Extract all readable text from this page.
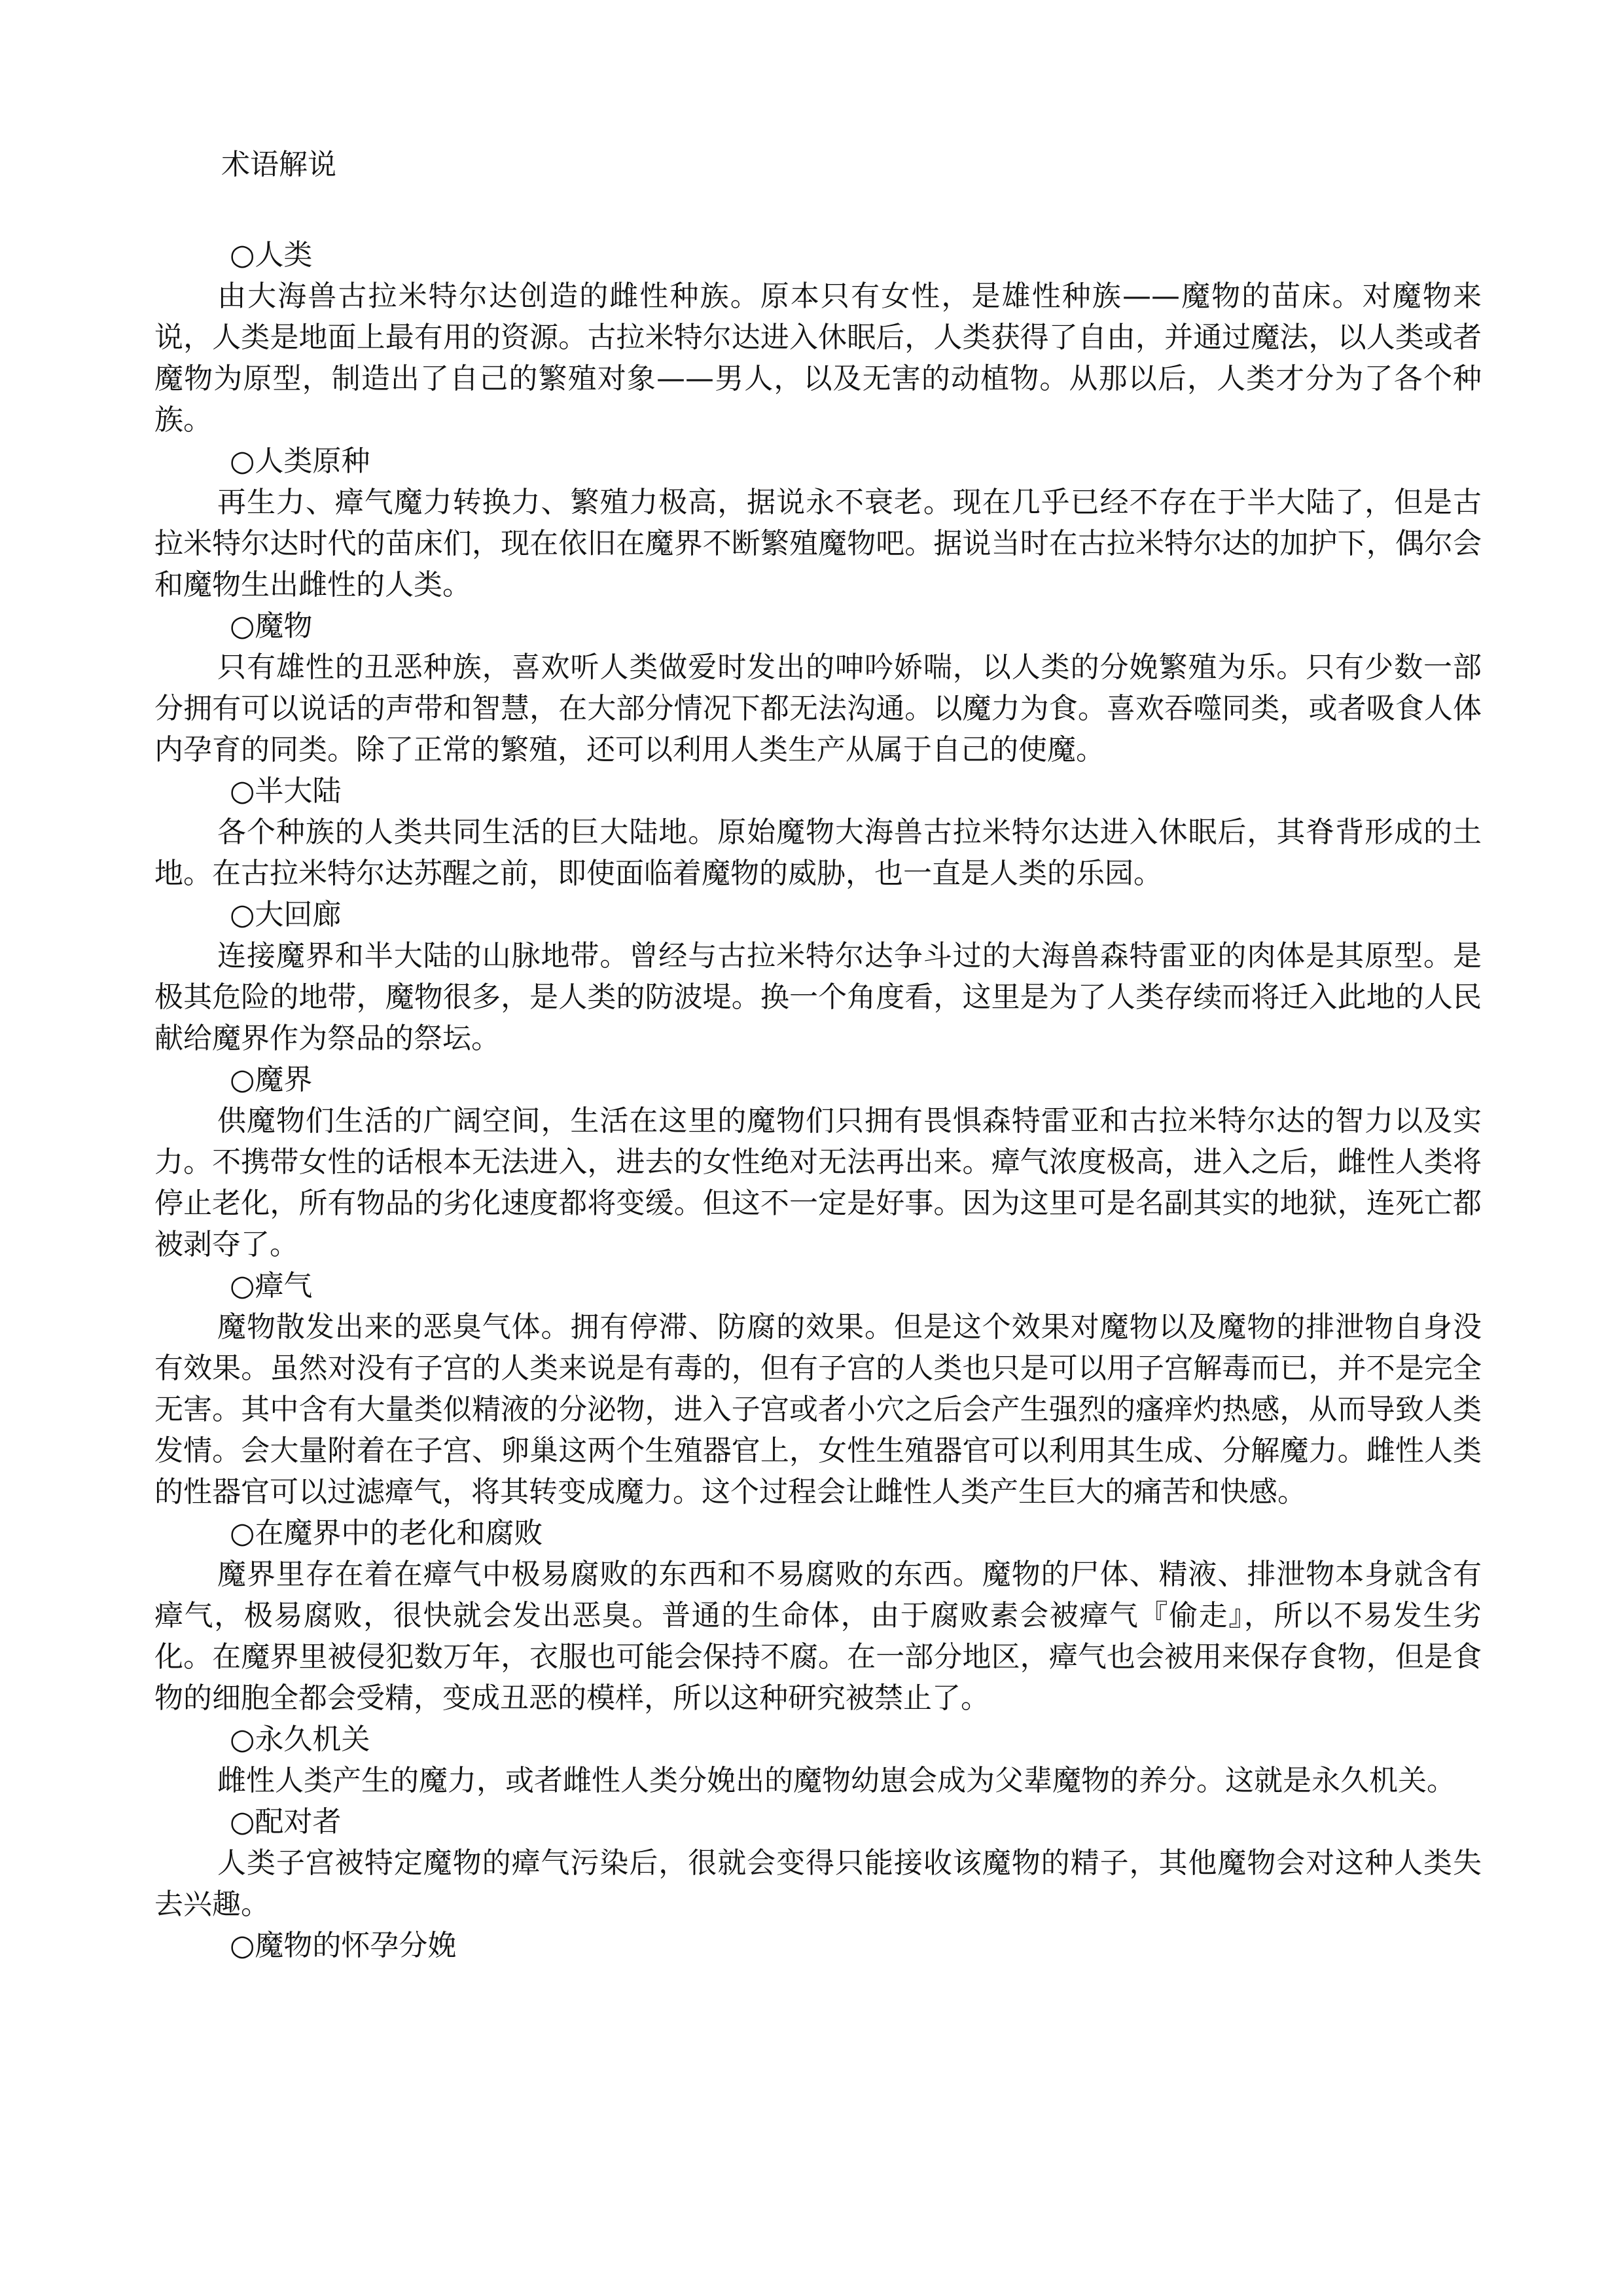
术语解说

○人类

由大海兽古拉米特尔达创造的雌性种族。原本只有女性，是雄性种族——魔物的苗床。对魔物来说，人类是地面上最有用的资源。古拉米特尔达进入休眠后，人类获得了自由，并通过魔法，以人类或者魔物为原型，制造出了自己的繁殖对象——男人，以及无害的动植物。从那以后，人类才分为了各个种族。

○人类原种

再生力、瘴气魔力转换力、繁殖力极高，据说永不衰老。现在几乎已经不存在于半大陆了，但是古拉米特尔达时代的苗床们，现在依旧在魔界不断繁殖魔物吧。据说当时在古拉米特尔达的加护下，偶尔会和魔物生出雌性的人类。

○魔物

只有雄性的丑恶种族，喜欢听人类做爱时发出的呻吟娇喘，以人类的分娩繁殖为乐。只有少数一部分拥有可以说话的声带和智慧，在大部分情况下都无法沟通。以魔力为食。喜欢吞噬同类，或者吸食人体内孕育的同类。除了正常的繁殖，还可以利用人类生产从属于自己的使魔。

○半大陆

各个种族的人类共同生活的巨大陆地。原始魔物大海兽古拉米特尔达进入休眠后，其脊背形成的土地。在古拉米特尔达苏醒之前，即使面临着魔物的威胁，也一直是人类的乐园。

○大回廊

连接魔界和半大陆的山脉地带。曾经与古拉米特尔达争斗过的大海兽森特雷亚的肉体是其原型。是极其危险的地带，魔物很多，是人类的防波堤。换一个角度看，这里是为了人类存续而将迁入此地的人民献给魔界作为祭品的祭坛。

○魔界

供魔物们生活的广阔空间，生活在这里的魔物们只拥有畏惧森特雷亚和古拉米特尔达的智力以及实力。不携带女性的话根本无法进入，进去的女性绝对无法再出来。瘴气浓度极高，进入之后，雌性人类将停止老化，所有物品的劣化速度都将变缓。但这不一定是好事。因为这里可是名副其实的地狱，连死亡都被剥夺了。

○瘴气

魔物散发出来的恶臭气体。拥有停滞、防腐的效果。但是这个效果对魔物以及魔物的排泄物自身没有效果。虽然对没有子宫的人类来说是有毒的，但有子宫的人类也只是可以用子宫解毒而已，并不是完全无害。其中含有大量类似精液的分泌物，进入子宫或者小穴之后会产生强烈的瘙痒灼热感，从而导致人类发情。会大量附着在子宫、卵巢这两个生殖器官上，女性生殖器官可以利用其生成、分解魔力。雌性人类的性器官可以过滤瘴气，将其转变成魔力。这个过程会让雌性人类产生巨大的痛苦和快感。

○在魔界中的老化和腐败

魔界里存在着在瘴气中极易腐败的东西和不易腐败的东西。魔物的尸体、精液、排泄物本身就含有瘴气，极易腐败，很快就会发出恶臭。普通的生命体，由于腐败素会被瘴气『偷走』，所以不易发生劣化。在魔界里被侵犯数万年，衣服也可能会保持不腐。在一部分地区，瘴气也会被用来保存食物，但是食物的细胞全都会受精，变成丑恶的模样，所以这种研究被禁止了。

○永久机关

雌性人类产生的魔力，或者雌性人类分娩出的魔物幼崽会成为父辈魔物的养分。这就是永久机关。

○配对者

人类子宫被特定魔物的瘴气污染后，很就会变得只能接收该魔物的精子，其他魔物会对这种人类失去兴趣。

○魔物的怀孕分娩
